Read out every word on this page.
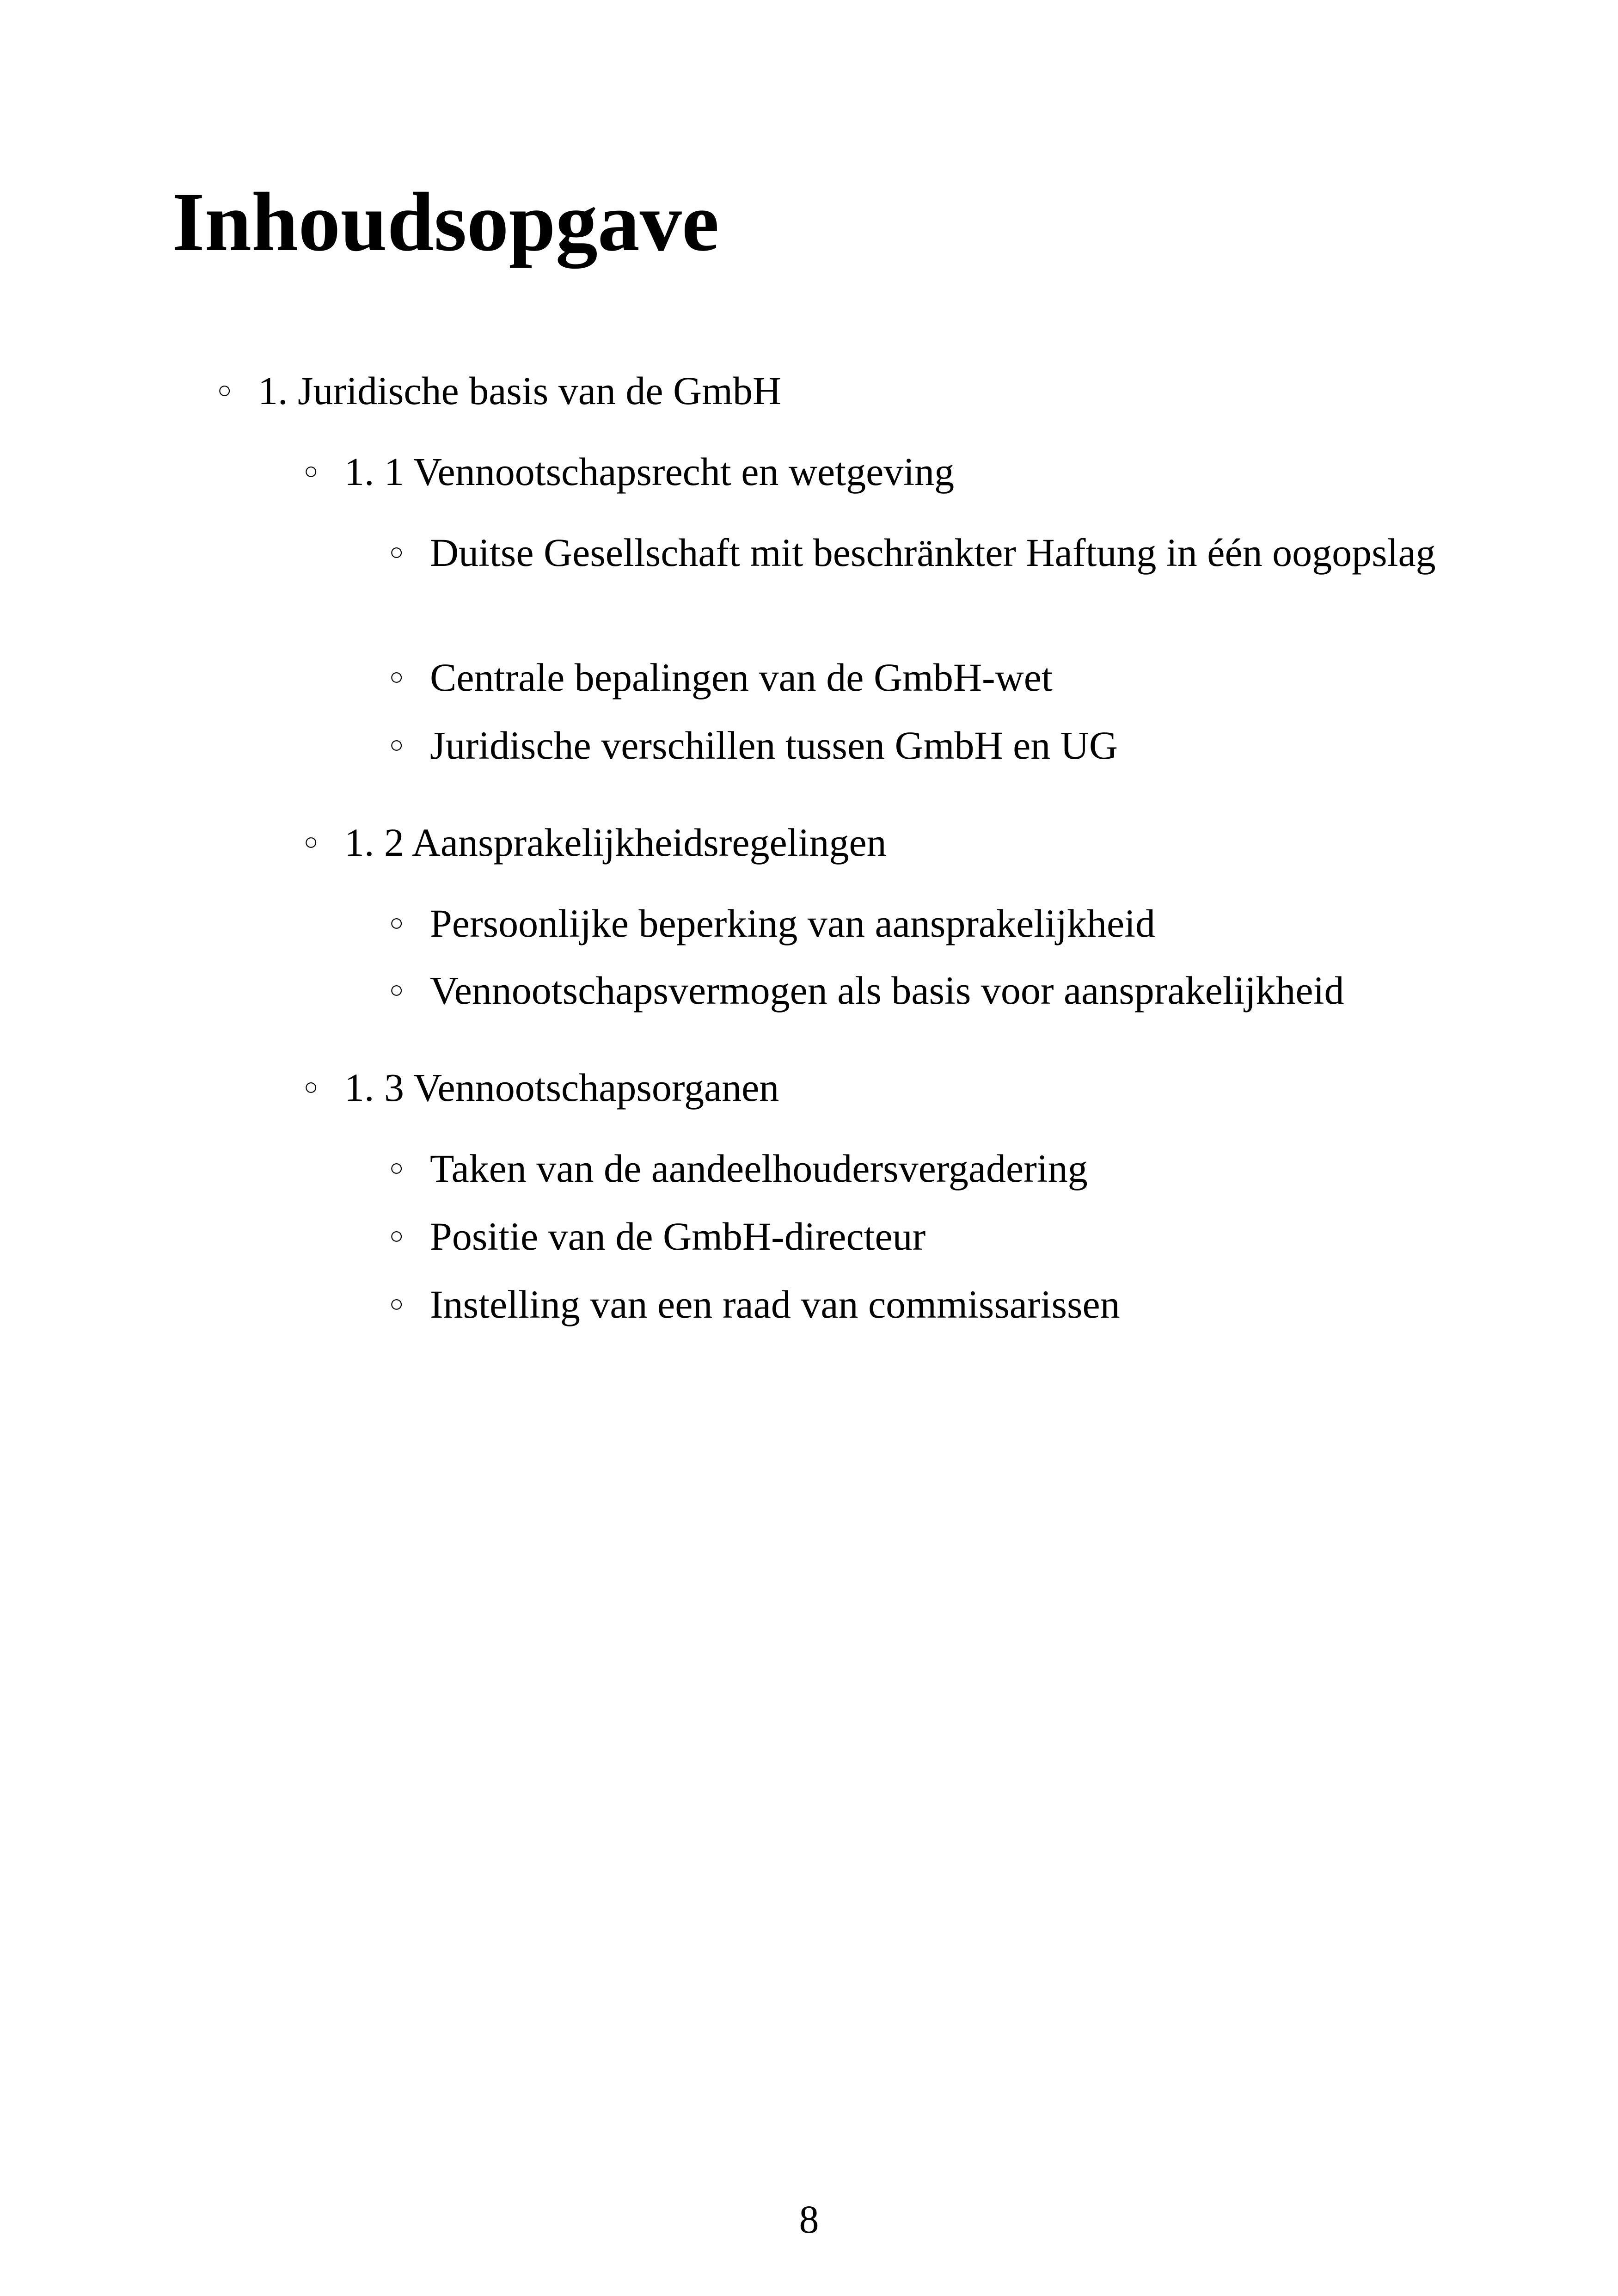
Inhoudsopgave
○ 1. Juridische basis van de GmbH
○ 1. 1 Vennootschapsrecht en wetgeving
○ Duitse Gesellschaft mit beschränkter Haftung in één oogopslag
○ Centrale bepalingen van de GmbH-wet
○ Juridische verschillen tussen GmbH en UG
○ 1. 2 Aansprakelijkheidsregelingen
○ Persoonlijke beperking van aansprakelijkheid
○ Vennootschapsvermogen als basis voor aansprakelijkheid
○ 1. 3 Vennootschapsorganen
○ Taken van de aandeelhoudersvergadering
○ Positie van de GmbH-directeur
○ Instelling van een raad van commissarissen
8
